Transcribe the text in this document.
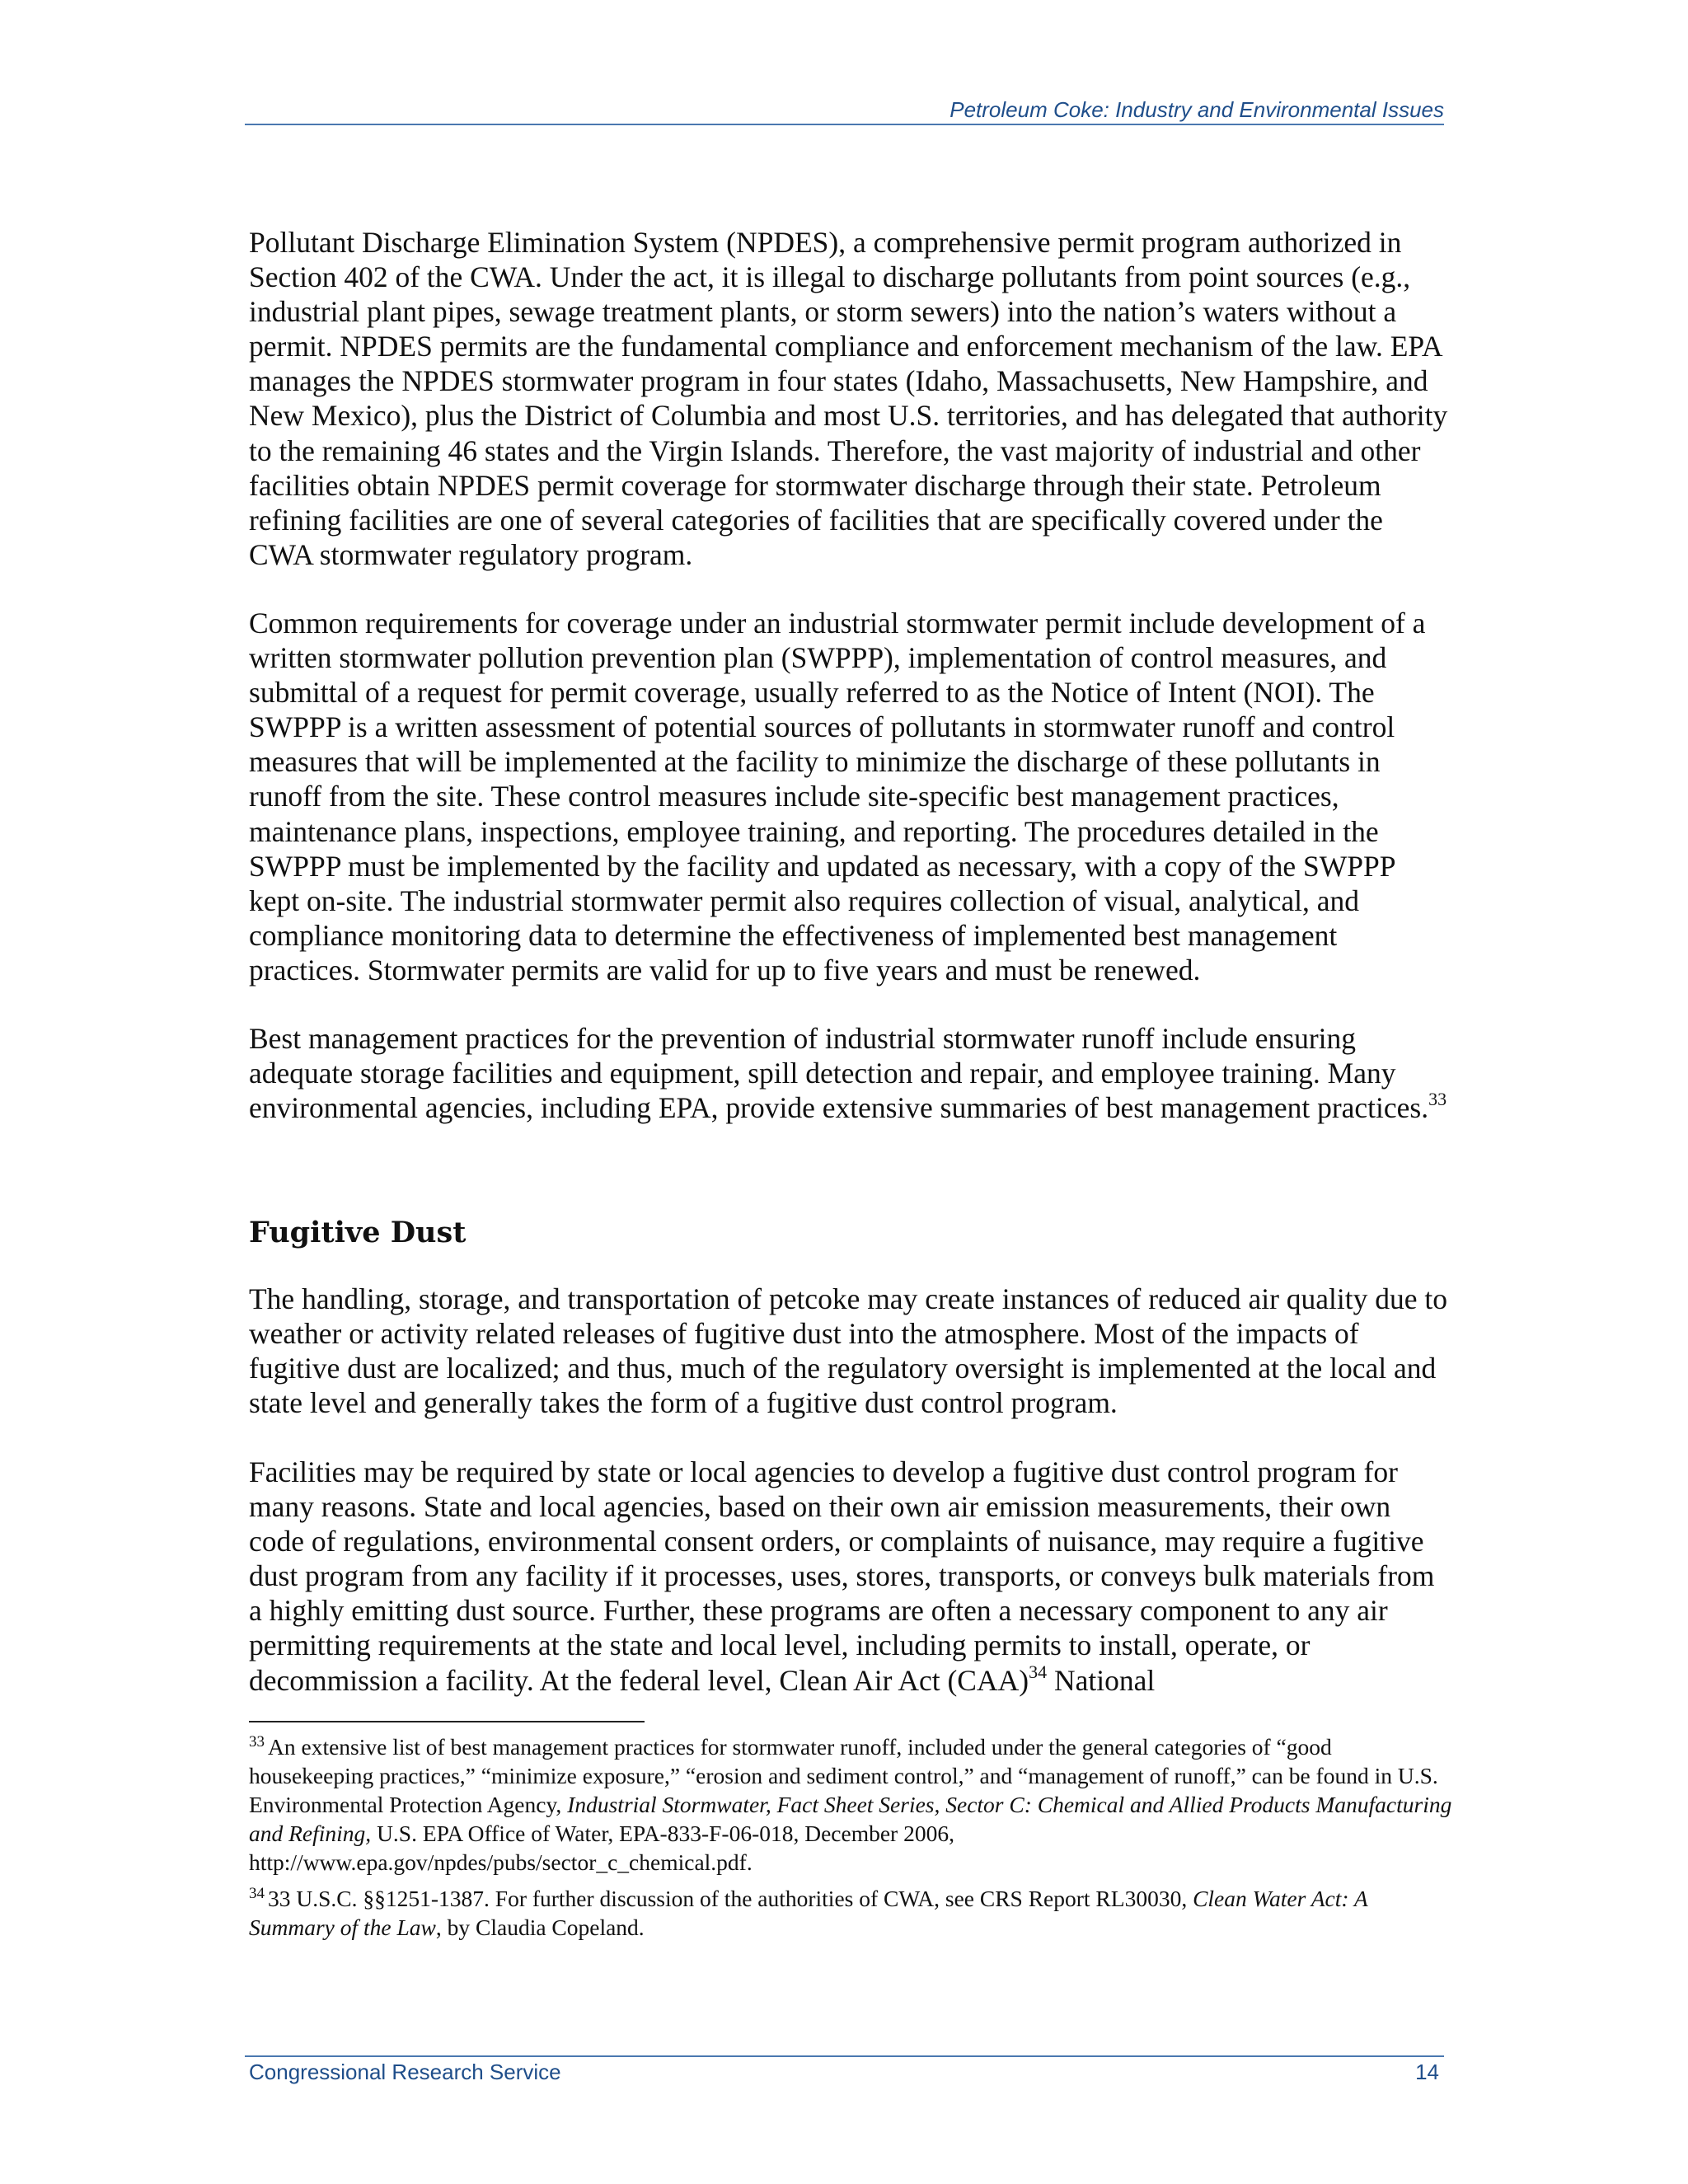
Petroleum Coke: Industry and Environmental Issues

Pollutant Discharge Elimination System (NPDES), a comprehensive permit program authorized in Section 402 of the CWA. Under the act, it is illegal to discharge pollutants from point sources (e.g., industrial plant pipes, sewage treatment plants, or storm sewers) into the nation’s waters without a permit. NPDES permits are the fundamental compliance and enforcement mechanism of the law. EPA manages the NPDES stormwater program in four states (Idaho, Massachusetts, New Hampshire, and New Mexico), plus the District of Columbia and most U.S. territories, and has delegated that authority to the remaining 46 states and the Virgin Islands. Therefore, the vast majority of industrial and other facilities obtain NPDES permit coverage for stormwater discharge through their state. Petroleum refining facilities are one of several categories of facilities that are specifically covered under the CWA stormwater regulatory program.

Common requirements for coverage under an industrial stormwater permit include development of a written stormwater pollution prevention plan (SWPPP), implementation of control measures, and submittal of a request for permit coverage, usually referred to as the Notice of Intent (NOI). The SWPPP is a written assessment of potential sources of pollutants in stormwater runoff and control measures that will be implemented at the facility to minimize the discharge of these pollutants in runoff from the site. These control measures include site-specific best management practices, maintenance plans, inspections, employee training, and reporting. The procedures detailed in the SWPPP must be implemented by the facility and updated as necessary, with a copy of the SWPPP kept on-site. The industrial stormwater permit also requires collection of visual, analytical, and compliance monitoring data to determine the effectiveness of implemented best management practices. Stormwater permits are valid for up to five years and must be renewed.

Best management practices for the prevention of industrial stormwater runoff include ensuring adequate storage facilities and equipment, spill detection and repair, and employee training. Many environmental agencies, including EPA, provide extensive summaries of best management practices.$^{33}$

Fugitive Dust

The handling, storage, and transportation of petcoke may create instances of reduced air quality due to weather or activity related releases of fugitive dust into the atmosphere. Most of the impacts of fugitive dust are localized; and thus, much of the regulatory oversight is implemented at the local and state level and generally takes the form of a fugitive dust control program.

Facilities may be required by state or local agencies to develop a fugitive dust control program for many reasons. State and local agencies, based on their own air emission measurements, their own code of regulations, environmental consent orders, or complaints of nuisance, may require a fugitive dust program from any facility if it processes, uses, stores, transports, or conveys bulk materials from a highly emitting dust source. Further, these programs are often a necessary component to any air permitting requirements at the state and local level, including permits to install, operate, or decommission a facility. At the federal level, Clean Air Act (CAA)$^{34}$ National

$^{33}$ An extensive list of best management practices for stormwater runoff, included under the general categories of “good housekeeping practices,” “minimize exposure,” “erosion and sediment control,” and “management of runoff,” can be found in U.S. Environmental Protection Agency, Industrial Stormwater, Fact Sheet Series, Sector C: Chemical and Allied Products Manufacturing and Refining, U.S. EPA Office of Water, EPA-833-F-06-018, December 2006, http://www.epa.gov/npdes/pubs/sector_c_chemical.pdf.

$^{34}$ 33 U.S.C. §§1251-1387. For further discussion of the authorities of CWA, see CRS Report RL30030, Clean Water Act: A Summary of the Law, by Claudia Copeland.

Congressional Research Service	14
